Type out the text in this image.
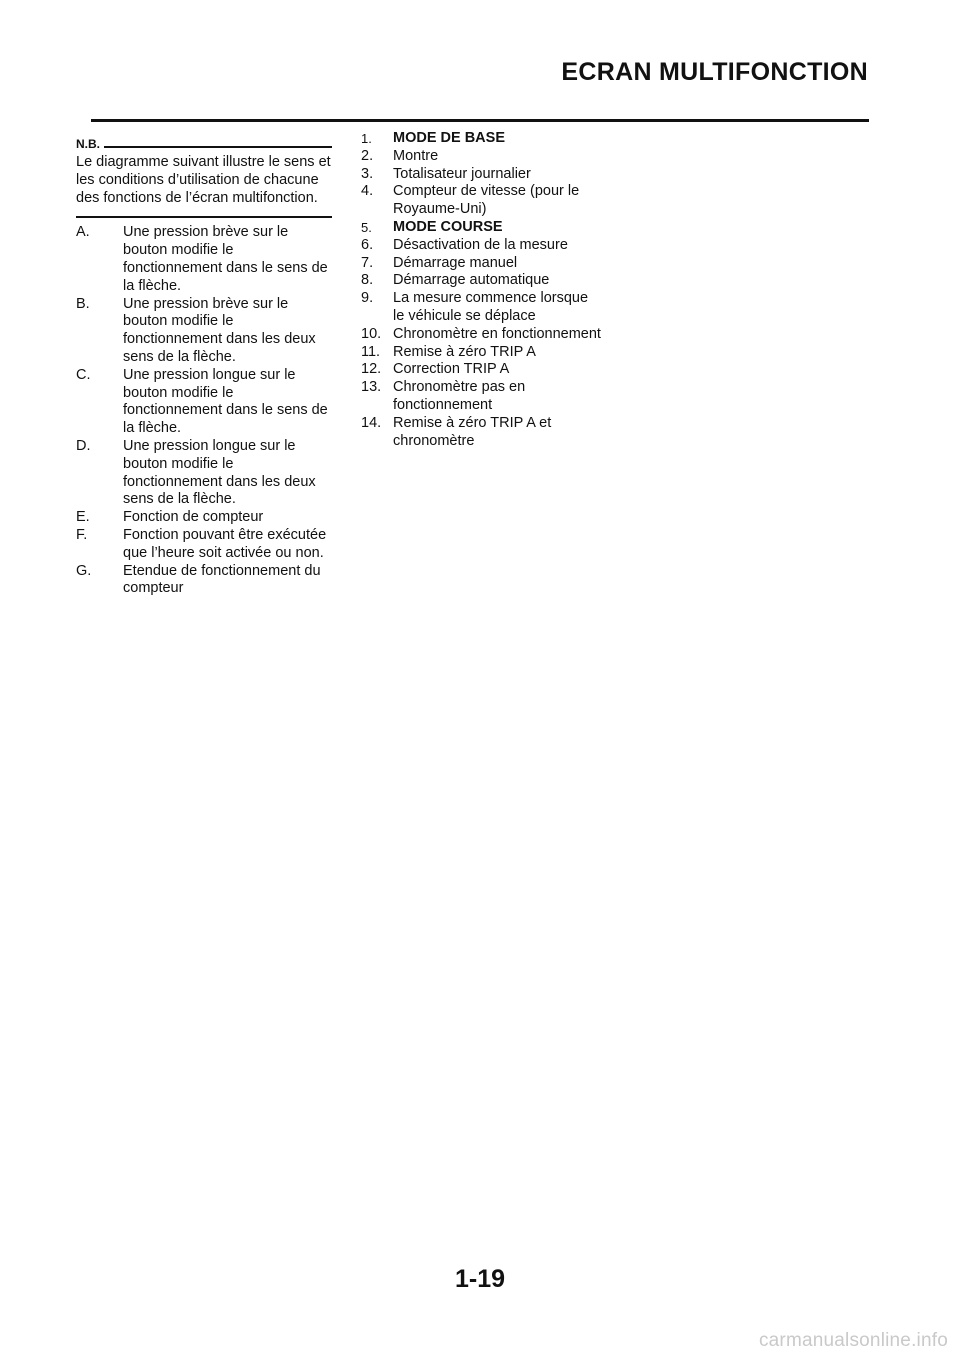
ECRAN MULTIFONCTION
N.B.
Le diagramme suivant illustre le sens et les conditions d’utilisation de chacune des fonctions de l’écran multifonction.
A.	Une pression brève sur le bouton modifie le fonctionnement dans le sens de la flèche.
B.	Une pression brève sur le bouton modifie le fonctionnement dans les deux sens de la flèche.
C.	Une pression longue sur le bouton modifie le fonctionnement dans le sens de la flèche.
D.	Une pression longue sur le bouton modifie le fonctionnement dans les deux sens de la flèche.
E.	Fonction de compteur
F.	Fonction pouvant être exécutée que l’heure soit activée ou non.
G.	Etendue de fonctionnement du compteur
1.	MODE DE BASE
2.	Montre
3.	Totalisateur journalier
4.	Compteur de vitesse (pour le Royaume-Uni)
5.	MODE COURSE
6.	Désactivation de la mesure
7.	Démarrage manuel
8.	Démarrage automatique
9.	La mesure commence lorsque le véhicule se déplace
10. Chronomètre en fonctionnement
11. Remise à zéro TRIP A
12. Correction TRIP A
13. Chronomètre pas en fonctionnement
14. Remise à zéro TRIP A et chronomètre
1-19
carmanualsonline.info
